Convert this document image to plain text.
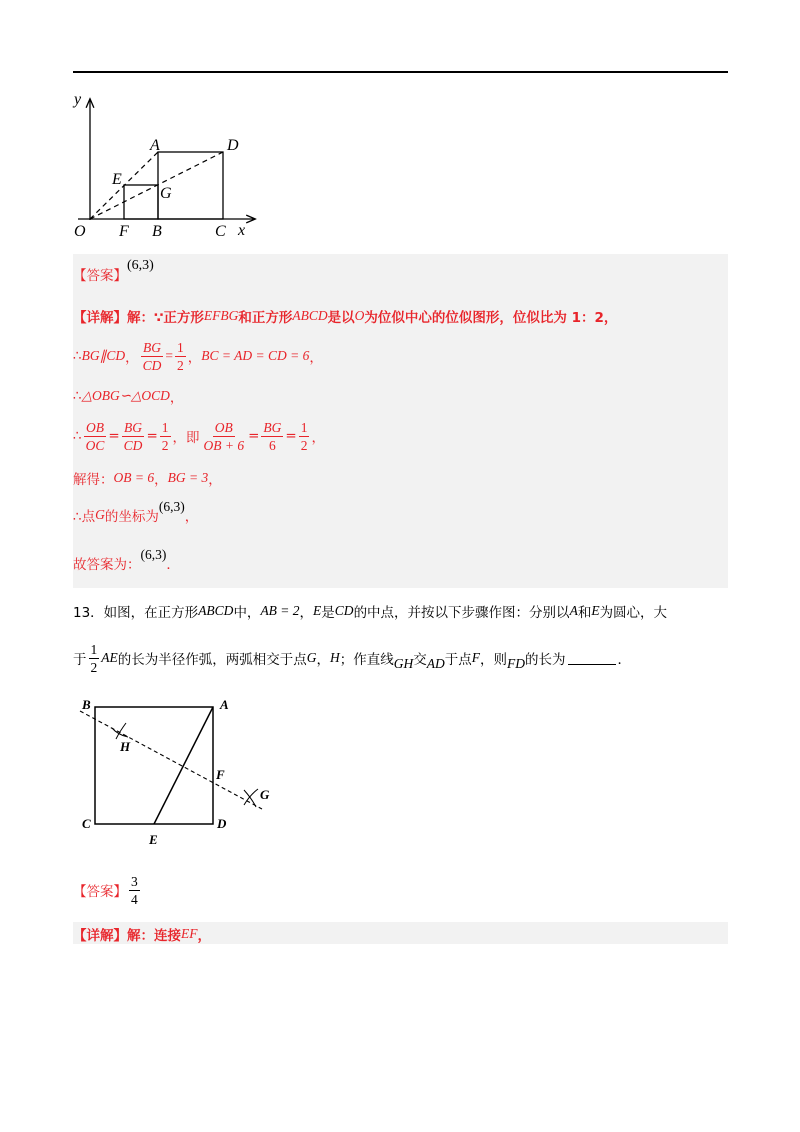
y
x
O F B	C
E
G
A	D
【答案】
(6,3)
【详解】 解：∵正方形 EFBG 和正方形 ABCD 是以 O 为位似中心的位似图形，位似比为 1：2，
∴ BG∥CD ， $\frac{BG}{CD} = \frac{1}{2}$ ， BC = AD = CD = 6 ，
∴ △OBG∽△OCD ，
∴ $\frac{OB}{OC} = \frac{BG}{CD} = \frac{1}{2}$ ，即 $\frac{OB}{OB + 6} = \frac{BG}{6} = \frac{1}{2}$ ，
解得： OB = 6 ， BG = 3 ，
∴点 G 的坐标为
(6,3)
，
故答案为：
(6,3)
．
13．如图，在正方形 ABCD 中， AB = 2 ， E 是 CD 的中点，并按以下步骤作图：分别以 A 和 E 为圆心，大
于 $\frac{1}{2}$ AE 的长为半径作弧，两弧相交于点 G ， H ；作直线 GH 交 AD 于点 F ，则 FD 的长为	．
B	A
H
F
G
C	D
E
【答案】 $\frac{3}{4}$
【详解】 解：连接 EF ，
